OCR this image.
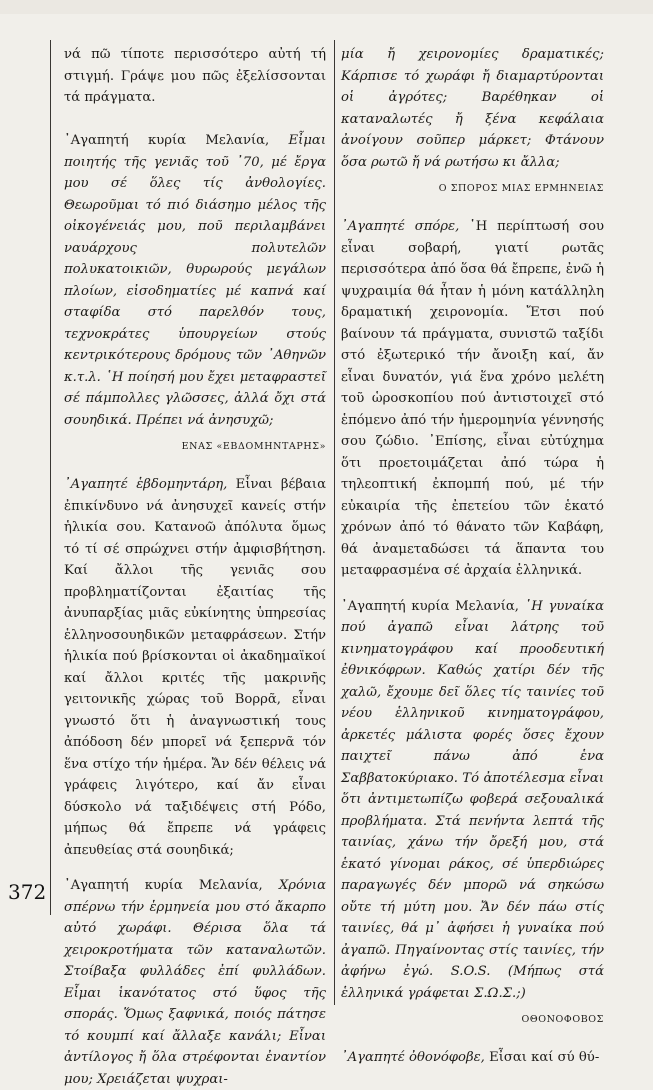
372

νά πῶ τίποτε περισσότερο αὐτή τή στιγμή. Γράψε μου πῶς ἐξελίσσονται τά πράγματα.

᾿Αγαπητή κυρία Μελανία, Εἶμαι ποιητής τῆς γενιᾶς τοῦ ᾿70, μέ ἔργα μου σέ ὅλες τίς ἀνθολογίες. Θεωροῦμαι τό πιό διάσημο μέλος τῆς οἰκογένειάς μου, ποῦ περιλαμβάνει ναυάρχους πολυτελῶν πολυκατοικιῶν, θυρωρούς μεγάλων πλοίων, εἰσοδηματίες μέ καπνά καί σταφίδα στό παρελθόν τους, τεχνοκράτες ὑπουργείων στούς κεντρικότερους δρόμους τῶν ᾿Αθηνῶν κ.τ.λ. ῾Η ποίησή μου ἔχει μεταφραστεῖ σέ πάμπολλες γλῶσσες, ἀλλά ὄχι στά σουηδικά. Πρέπει νά ἀνησυχῶ;

ΕΝΑΣ «ΕΒΔΟΜΗΝΤΑΡΗΣ»

᾿Αγαπητέ ἑβδομηντάρη, Εἶναι βέβαια ἐπικίνδυνο νά ἀνησυχεῖ κανείς στήν ἡλικία σου. Κατανοῶ ἀπόλυτα ὅμως τό τί σέ σπρώχνει στήν ἀμφισβήτηση. Καί ἄλλοι τῆς γενιᾶς σου προβληματίζονται ἐξαιτίας τῆς ἀνυπαρξίας μιᾶς εὐκίνητης ὑπηρεσίας ἑλληνοσουηδικῶν μεταφράσεων. Στήν ἡλικία πού βρίσκονται οἱ ἀκαδημαϊκοί καί ἄλλοι κριτές τῆς μακρινῆς γειτονικῆς χώρας τοῦ Βορρᾶ, εἶναι γνωστό ὅτι ἡ ἀναγνωστική τους ἀπόδοση δέν μπορεῖ νά ξεπερνᾶ τόν ἕνα στίχο τήν ἡμέρα. Ἄν δέν θέλεις νά γράφεις λιγότερο, καί ἄν εἶναι δύσκολο νά ταξιδέψεις στή Ρόδο, μήπως θά ἔπρεπε νά γράφεις ἀπευθείας στά σουηδικά;

᾿Αγαπητή κυρία Μελανία, Χρόνια σπέρνω τήν ἑρμηνεία μου στό ἄκαρπο αὐτό χωράφι. Θέρισα ὅλα τά χειροκροτήματα τῶν καταναλωτῶν. Στοίβαξα φυλλάδες ἐπί φυλλάδων. Εἶμαι ἱκανότατος στό ὕφος τῆς σποράς. Ὅμως ξαφνικά, ποιός πάτησε τό κουμπί καί ἄλλαξε κανάλι; Εἶναι ἀντίλογος ἤ ὅλα στρέφονται ἐναντίον μου; Χρειάζεται ψυχραι-

μία ἤ χειρονομίες δραματικές; Κάρπισε τό χωράφι ἤ διαμαρτύρονται οἱ ἀγρότες; Βαρέθηκαν οἱ καταναλωτές ἤ ξένα κεφάλαια ἀνοίγουν σοῦπερ μάρκετ; Φτάνουν ὅσα ρωτῶ ἤ νά ρωτήσω κι ἄλλα;

Ο ΣΠΟΡΟΣ ΜΙΑΣ ΕΡΜΗΝΕΙΑΣ

᾿Αγαπητέ σπόρε, ῾Η περίπτωσή σου εἶναι σοβαρή, γιατί ρωτᾶς περισσότερα ἀπό ὅσα θά ἔπρεπε, ἐνῶ ἡ ψυχραιμία θά ἦταν ἡ μόνη κατάλληλη δραματική χειρονομία. Ἔτσι πού βαίνουν τά πράγματα, συνιστῶ ταξίδι στό ἐξωτερικό τήν ἄνοιξη καί, ἄν εἶναι δυνατόν, γιά ἕνα χρόνο μελέτη τοῦ ὡροσκοπίου πού ἀντιστοιχεῖ στό ἑπόμενο ἀπό τήν ἡμερομηνία γέννησής σου ζώδιο. ᾿Επίσης, εἶναι εὐτύχημα ὅτι προετοιμάζεται ἀπό τώρα ἡ τηλεοπτική ἐκπομπή πού, μέ τήν εὐκαιρία τῆς ἐπετείου τῶν ἑκατό χρόνων ἀπό τό θάνατο τῶν Καβάφη, θά ἀναμεταδώσει τά ἅπαντα του μεταφρασμένα σέ ἀρχαία ἑλληνικά.

᾿Αγαπητή κυρία Μελανία, ῾Η γυναίκα πού ἀγαπῶ εἶναι λάτρης τοῦ κινηματογράφου καί προοδευτική ἐθνικόφρων. Καθώς χατίρι δέν τῆς χαλῶ, ἔχουμε δεῖ ὅλες τίς ταινίες τοῦ νέου ἑλληνικοῦ κινηματογράφου, ἀρκετές μάλιστα φορές ὅσες ἔχουν παιχτεῖ πάνω ἀπό ἑνα Σαββατοκύριακο. Τό ἀποτέλεσμα εἶναι ὅτι ἀντιμετωπίζω φοβερά σεξουαλικά προβλήματα. Στά πενήντα λεπτά τῆς ταινίας, χάνω τήν ὄρεξή μου, στά ἑκατό γίνομαι ράκος, σέ ὑπερδιώρες παραγωγές δέν μπορῶ νά σηκώσω οὔτε τή μύτη μου. Ἄν δέν πάω στίς ταινίες, θά μ᾿ ἀφήσει ἡ γυναίκα πού ἀγαπῶ. Πηγαίνοντας στίς ταινίες, τήν ἀφήνω ἐγώ. S.O.S. (Μήπως στά ἑλληνικά γράφεται Σ.Ω.Σ.;)

ΟΘΟΝΟΦΟΒΟΣ

᾿Αγαπητέ ὀθονόφοβε, Εἶσαι καί σύ θύ-
